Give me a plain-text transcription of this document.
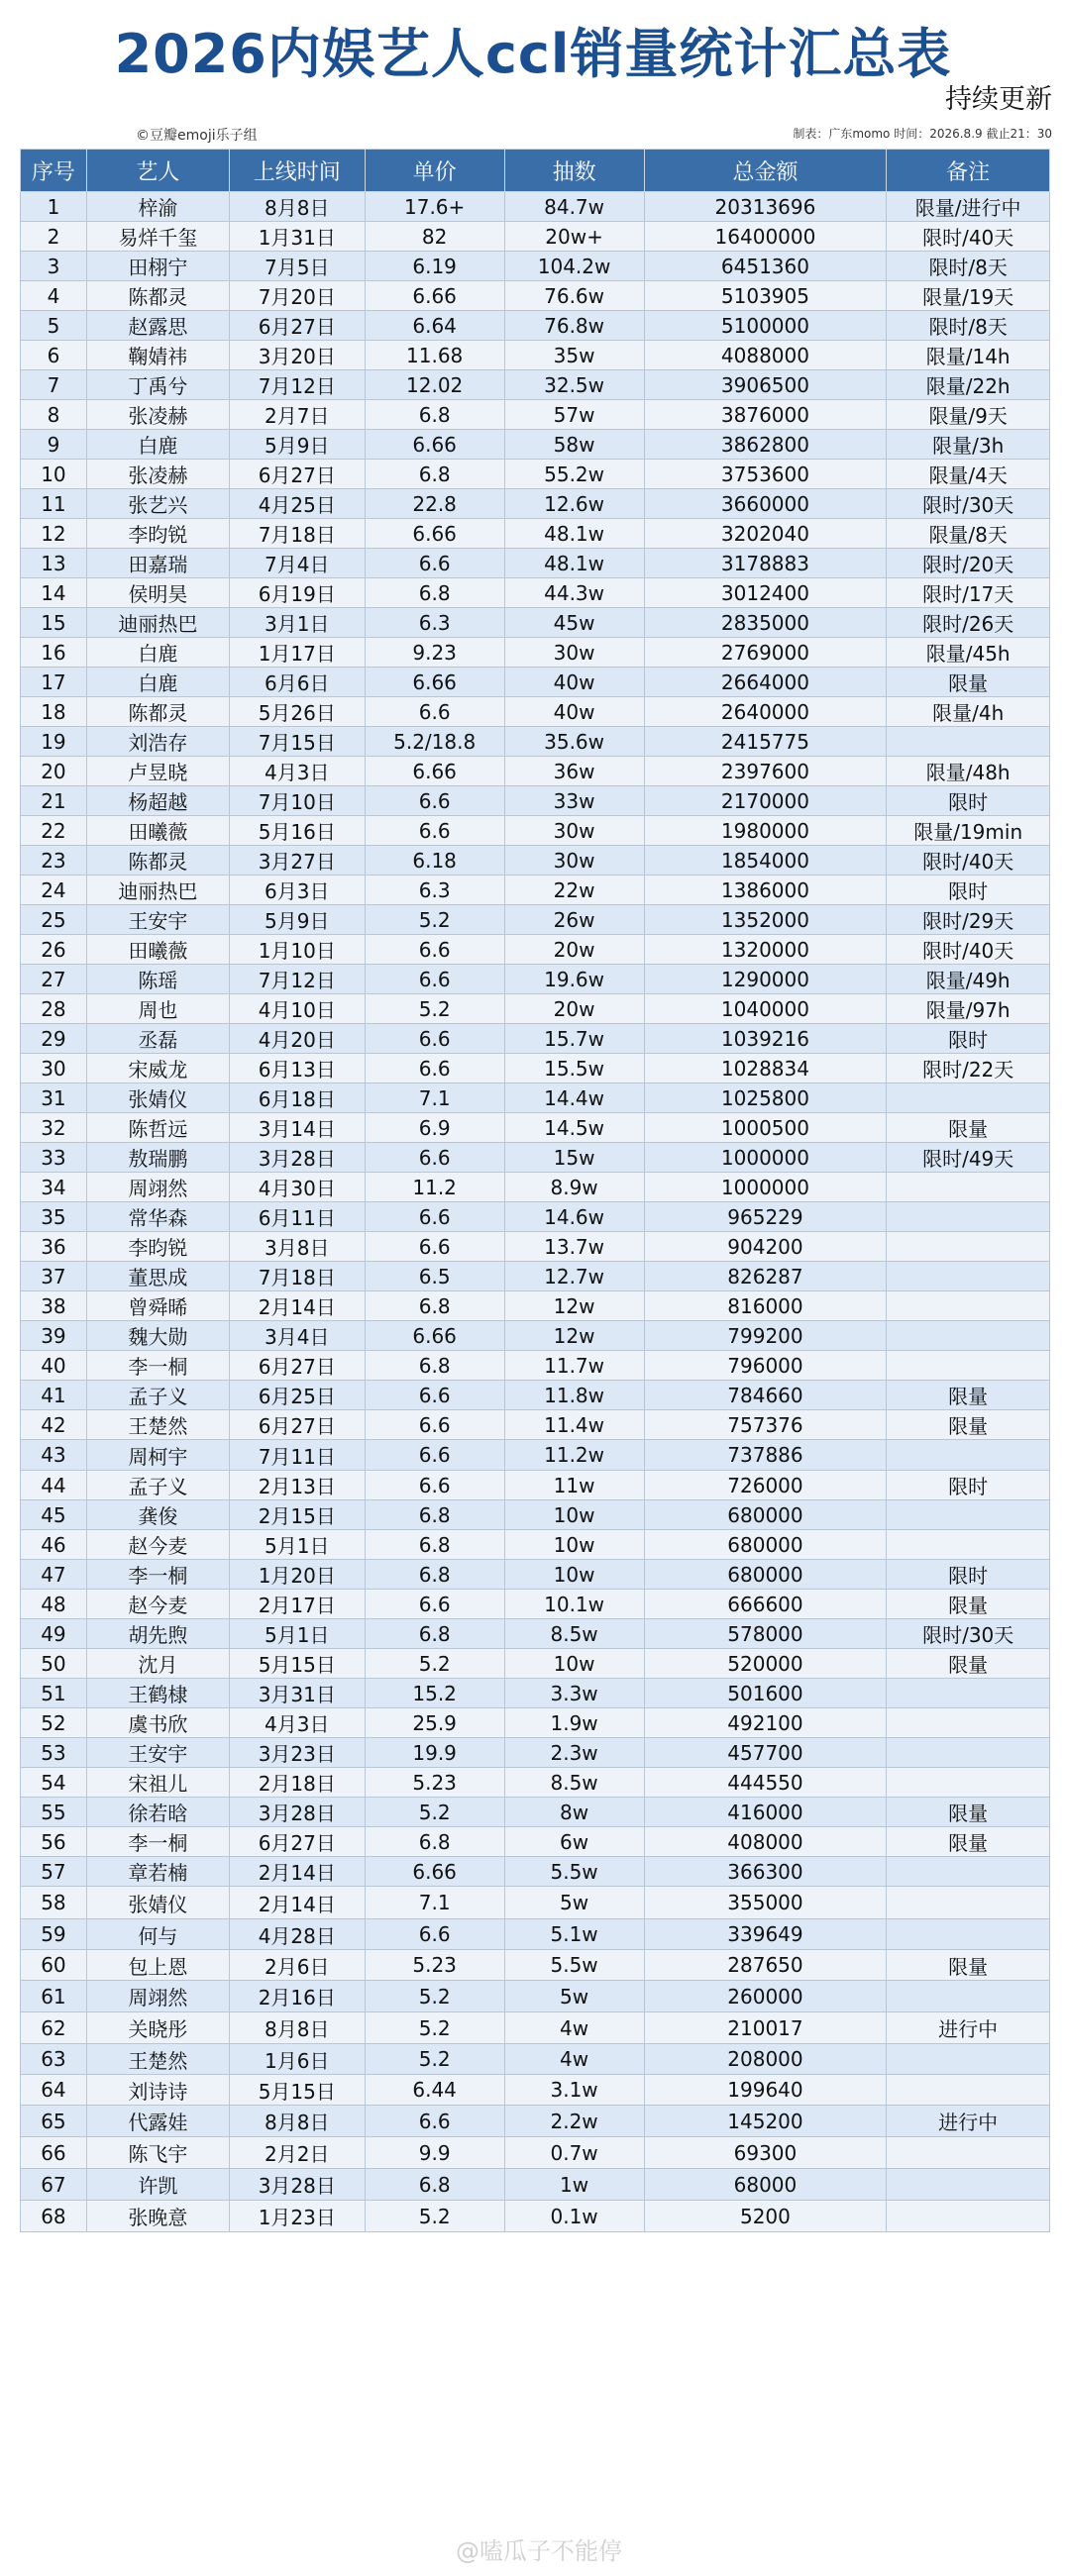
2026内娱艺人ccl销量统计汇总表
持续更新
©豆瓣emoji乐子组	制表：广东momo 时间：2026.8.9 截止21：30
序号	艺人	上线时间	单价	抽数	总金额	备注
1	梓渝	8月8日	17.6+	84.7w	20313696	限量/进行中
2	易烊千玺	1月31日	82	20w+	16400000	限时/40天
3	田栩宁	7月5日	6.19	104.2w	6451360	限时/8天
4	陈都灵	7月20日	6.66	76.6w	5103905	限量/19天
5	赵露思	6月27日	6.64	76.8w	5100000	限时/8天
6	鞠婧祎	3月20日	11.68	35w	4088000	限量/14h
7	丁禹兮	7月12日	12.02	32.5w	3906500	限量/22h
8	张凌赫	2月7日	6.8	57w	3876000	限量/9天
9	白鹿	5月9日	6.66	58w	3862800	限量/3h
10	张凌赫	6月27日	6.8	55.2w	3753600	限量/4天
11	张艺兴	4月25日	22.8	12.6w	3660000	限时/30天
12	李昀锐	7月18日	6.66	48.1w	3202040	限量/8天
13	田嘉瑞	7月4日	6.6	48.1w	3178883	限时/20天
14	侯明昊	6月19日	6.8	44.3w	3012400	限时/17天
15	迪丽热巴	3月1日	6.3	45w	2835000	限时/26天
16	白鹿	1月17日	9.23	30w	2769000	限量/45h
17	白鹿	6月6日	6.66	40w	2664000	限量
18	陈都灵	5月26日	6.6	40w	2640000	限量/4h
19	刘浩存	7月15日	5.2/18.8	35.6w	2415775	
20	卢昱晓	4月3日	6.66	36w	2397600	限量/48h
21	杨超越	7月10日	6.6	33w	2170000	限时
22	田曦薇	5月16日	6.6	30w	1980000	限量/19min
23	陈都灵	3月27日	6.18	30w	1854000	限时/40天
24	迪丽热巴	6月3日	6.3	22w	1386000	限时
25	王安宇	5月9日	5.2	26w	1352000	限时/29天
26	田曦薇	1月10日	6.6	20w	1320000	限时/40天
27	陈瑶	7月12日	6.6	19.6w	1290000	限量/49h
28	周也	4月10日	5.2	20w	1040000	限量/97h
29	丞磊	4月20日	6.6	15.7w	1039216	限时
30	宋威龙	6月13日	6.6	15.5w	1028834	限时/22天
31	张婧仪	6月18日	7.1	14.4w	1025800	
32	陈哲远	3月14日	6.9	14.5w	1000500	限量
33	敖瑞鹏	3月28日	6.6	15w	1000000	限时/49天
34	周翊然	4月30日	11.2	8.9w	1000000	
35	常华森	6月11日	6.6	14.6w	965229	
36	李昀锐	3月8日	6.6	13.7w	904200	
37	董思成	7月18日	6.5	12.7w	826287	
38	曾舜晞	2月14日	6.8	12w	816000	
39	魏大勋	3月4日	6.66	12w	799200	
40	李一桐	6月27日	6.8	11.7w	796000	
41	孟子义	6月25日	6.6	11.8w	784660	限量
42	王楚然	6月27日	6.6	11.4w	757376	限量
43	周柯宇	7月11日	6.6	11.2w	737886	
44	孟子义	2月13日	6.6	11w	726000	限时
45	龚俊	2月15日	6.8	10w	680000	
46	赵今麦	5月1日	6.8	10w	680000	
47	李一桐	1月20日	6.8	10w	680000	限时
48	赵今麦	2月17日	6.6	10.1w	666600	限量
49	胡先煦	5月1日	6.8	8.5w	578000	限时/30天
50	沈月	5月15日	5.2	10w	520000	限量
51	王鹤棣	3月31日	15.2	3.3w	501600	
52	虞书欣	4月3日	25.9	1.9w	492100	
53	王安宇	3月23日	19.9	2.3w	457700	
54	宋祖儿	2月18日	5.23	8.5w	444550	
55	徐若晗	3月28日	5.2	8w	416000	限量
56	李一桐	6月27日	6.8	6w	408000	限量
57	章若楠	2月14日	6.66	5.5w	366300	
58	张婧仪	2月14日	7.1	5w	355000	
59	何与	4月28日	6.6	5.1w	339649	
60	包上恩	2月6日	5.23	5.5w	287650	限量
61	周翊然	2月16日	5.2	5w	260000	
62	关晓彤	8月8日	5.2	4w	210017	进行中
63	王楚然	1月6日	5.2	4w	208000	
64	刘诗诗	5月15日	6.44	3.1w	199640	
65	代露娃	8月8日	6.6	2.2w	145200	进行中
66	陈飞宇	2月2日	9.9	0.7w	69300	
67	许凯	3月28日	6.8	1w	68000	
68	张晚意	1月23日	5.2	0.1w	5200	
@嗑瓜子不能停
